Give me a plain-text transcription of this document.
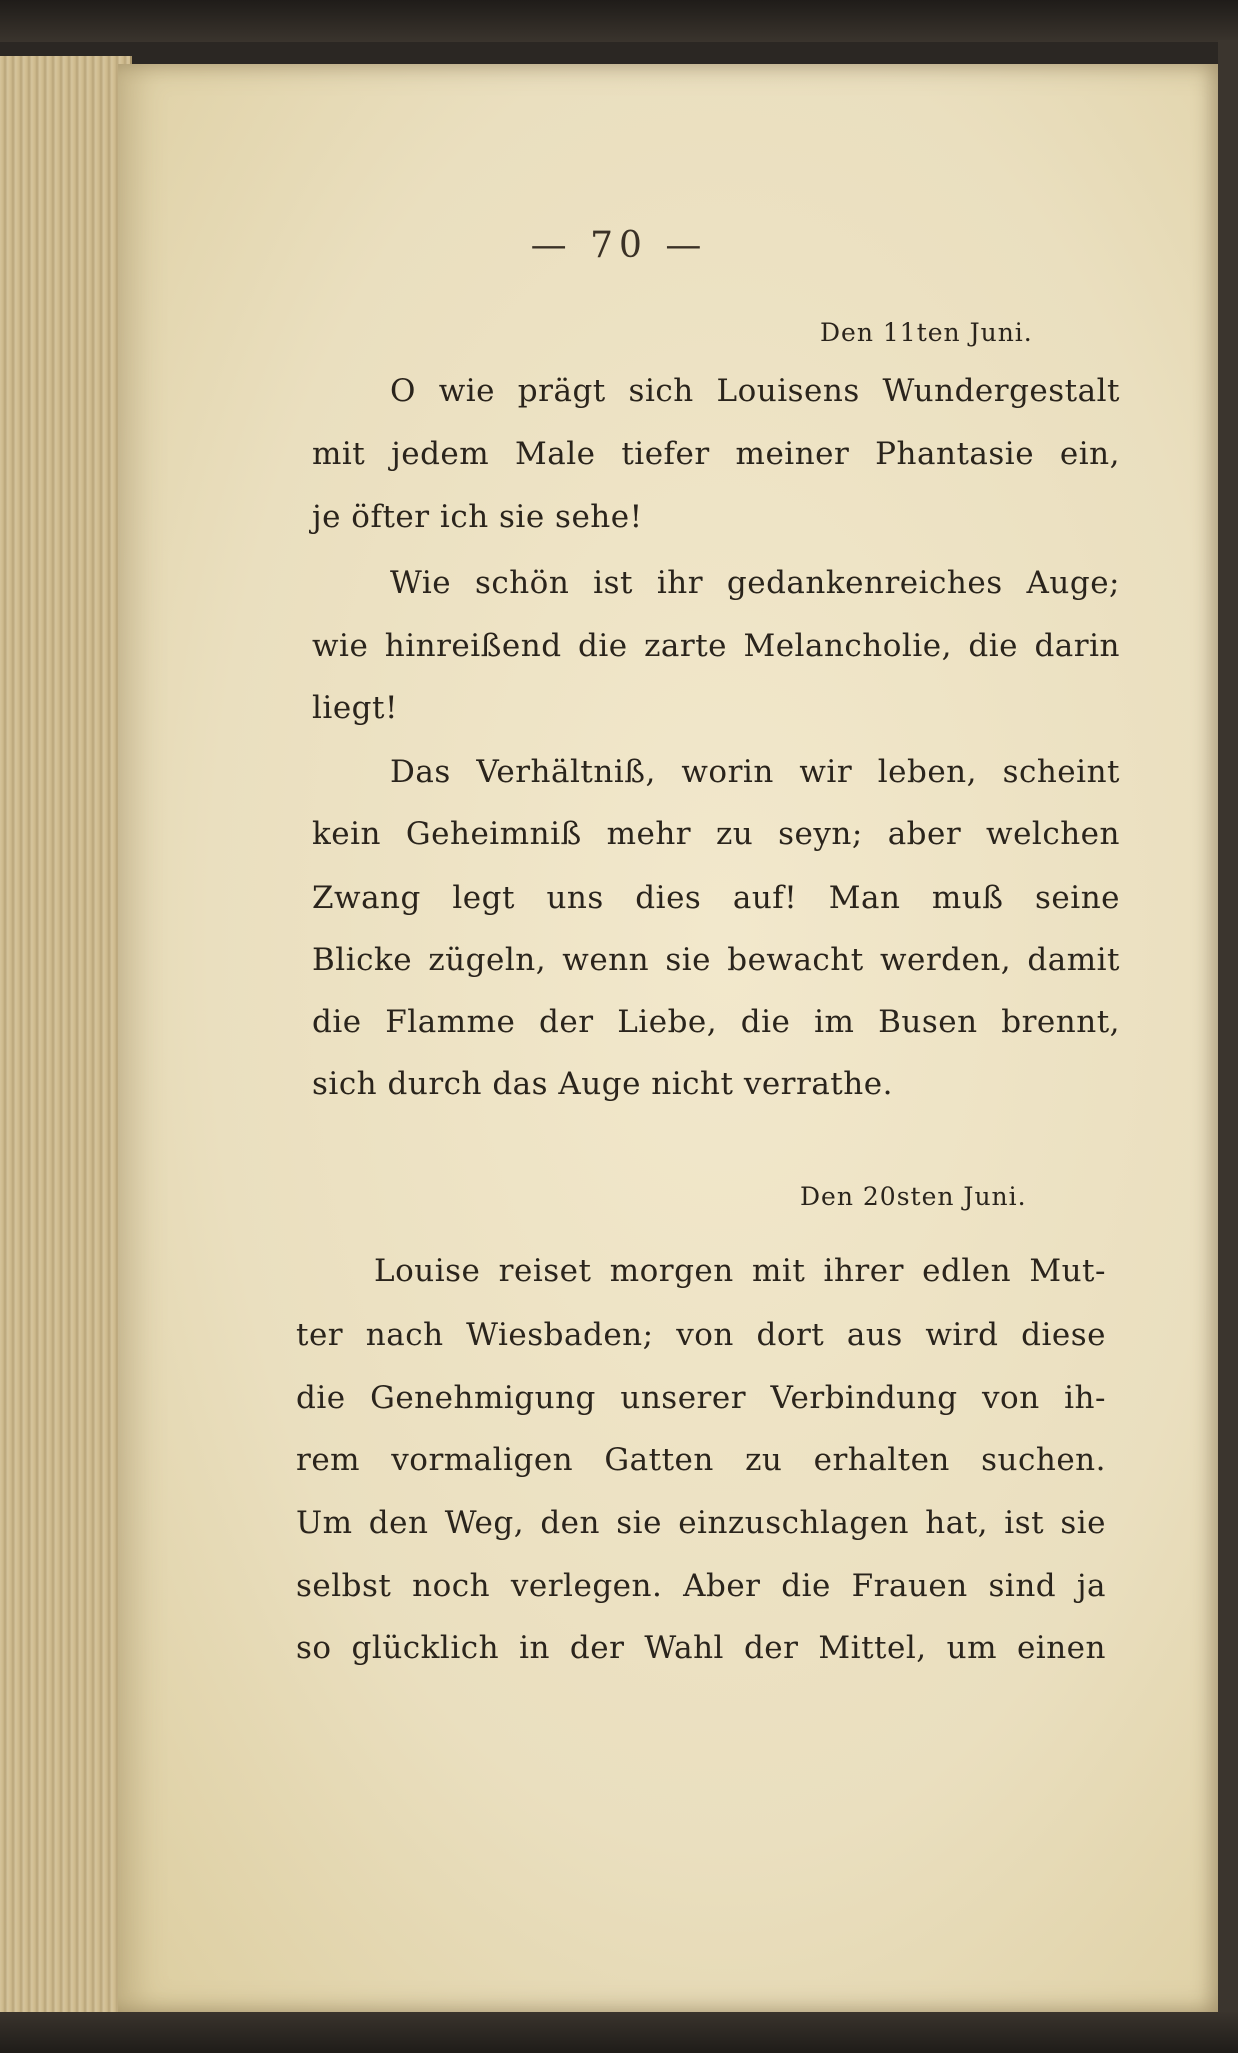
— 70 —
Den 11ten Juni.
O wie prägt sich Louisens Wundergestalt
mit jedem Male tiefer meiner Phantasie ein,
je öfter ich sie sehe!
Wie schön ist ihr gedankenreiches Auge;
wie hinreißend die zarte Melancholie, die darin
liegt!
Das Verhältniß, worin wir leben, scheint
kein Geheimniß mehr zu seyn; aber welchen
Zwang legt uns dies auf! Man muß seine
Blicke zügeln, wenn sie bewacht werden, damit
die Flamme der Liebe, die im Busen brennt,
sich durch das Auge nicht verrathe.
Den 20sten Juni.
Louise reiset morgen mit ihrer edlen Mut-
ter nach Wiesbaden; von dort aus wird diese
die Genehmigung unserer Verbindung von ih-
rem vormaligen Gatten zu erhalten suchen.
Um den Weg, den sie einzuschlagen hat, ist sie
selbst noch verlegen. Aber die Frauen sind ja
so glücklich in der Wahl der Mittel, um einen
